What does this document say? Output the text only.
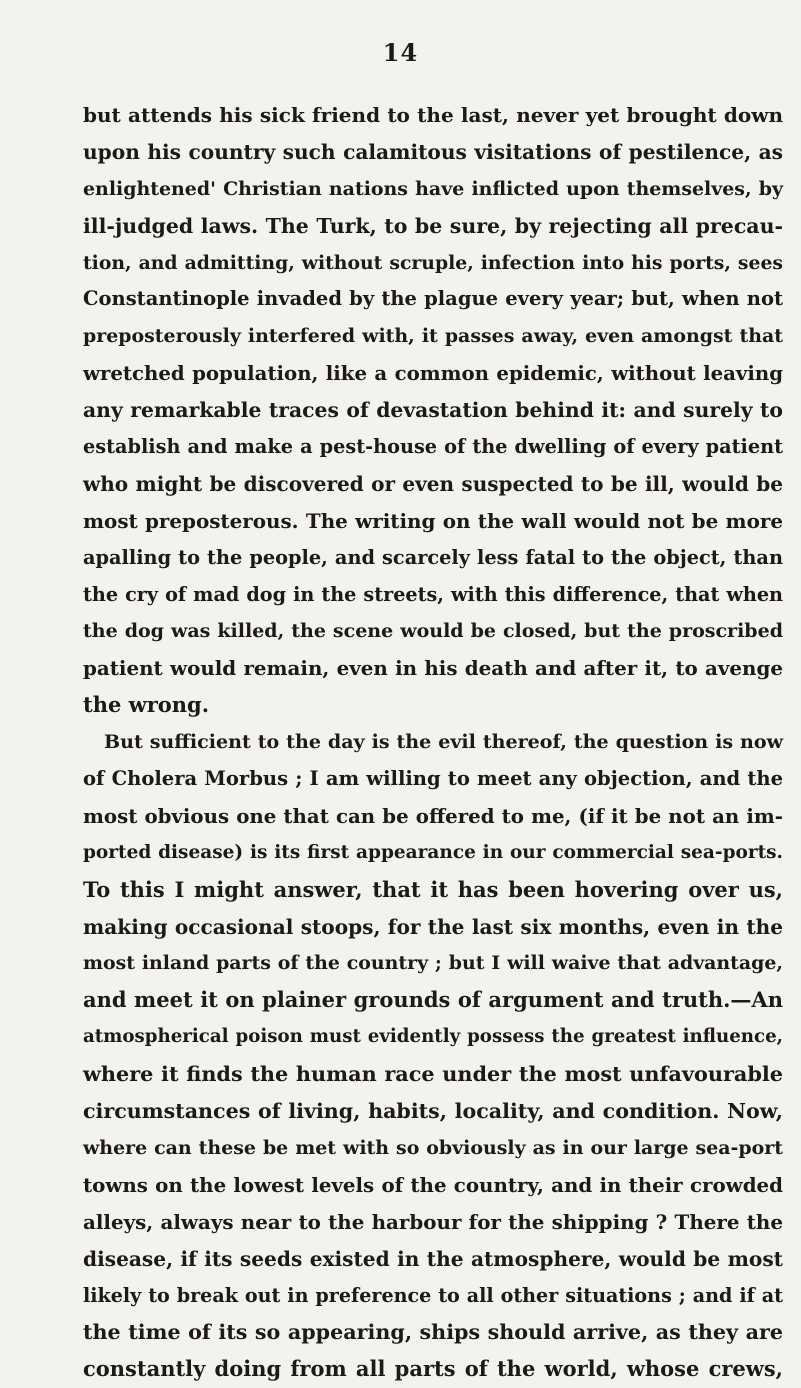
14
but attends his sick friend to the last, never yet brought down
upon his country such calamitous visitations of pestilence, as
enlightened' Christian nations have inflicted upon themselves, by
ill-judged laws. The Turk, to be sure, by rejecting all precau-
tion, and admitting, without scruple, infection into his ports, sees
Constantinople invaded by the plague every year; but, when not
preposterously interfered with, it passes away, even amongst that
wretched population, like a common epidemic, without leaving
any remarkable traces of devastation behind it: and surely to
establish and make a pest-house of the dwelling of every patient
who might be discovered or even suspected to be ill, would be
most preposterous. The writing on the wall would not be more
apalling to the people, and scarcely less fatal to the object, than
the cry of mad dog in the streets, with this difference, that when
the dog was killed, the scene would be closed, but the proscribed
patient would remain, even in his death and after it, to avenge
the wrong.
But sufficient to the day is the evil thereof, the question is now
of Cholera Morbus ; I am willing to meet any objection, and the
most obvious one that can be offered to me, (if it be not an im-
ported disease) is its first appearance in our commercial sea-ports.
To this I might answer, that it has been hovering over us,
making occasional stoops, for the last six months, even in the
most inland parts of the country ; but I will waive that advantage,
and meet it on plainer grounds of argument and truth.—An
atmospherical poison must evidently possess the greatest influence,
where it finds the human race under the most unfavourable
circumstances of living, habits, locality, and condition. Now,
where can these be met with so obviously as in our large sea-port
towns on the lowest levels of the country, and in their crowded
alleys, always near to the harbour for the shipping ? There the
disease, if its seeds existed in the atmosphere, would be most
likely to break out in preference to all other situations ; and if at
the time of its so appearing, ships should arrive, as they are
constantly doing from all parts of the world, whose crews,
